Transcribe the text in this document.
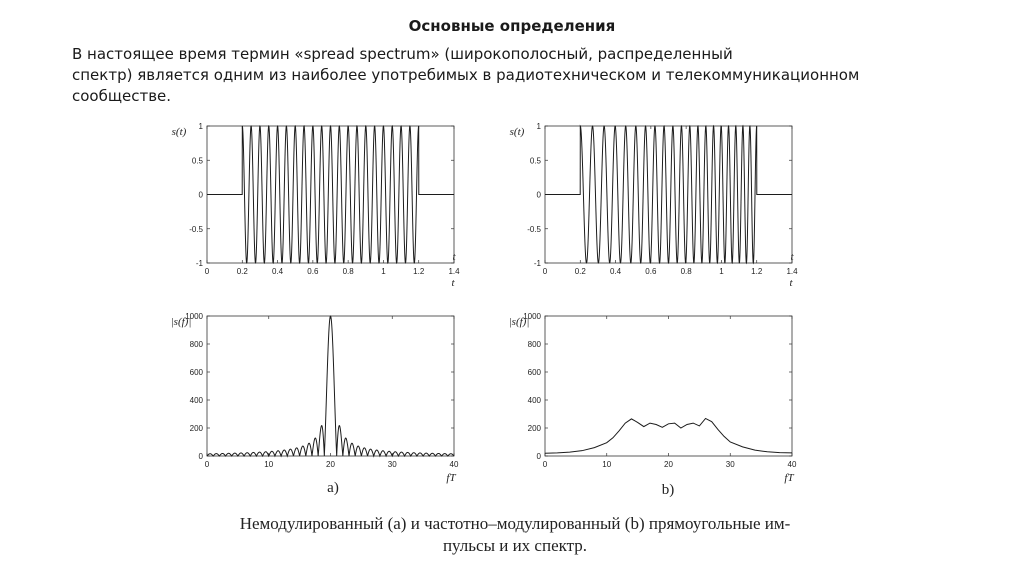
Основные определения
В настоящее время термин «spread spectrum» (широкополосный, распределенный
спектр) является одним из наиболее употребимых в радиотехническом и телекоммуникационном
сообществе.
0	0.2	0.4	0.6	0.8	1	1.2	1.4
-1
-0.5
0
0.5
1
s(t)
t
t
0	0.2	0.4	0.6	0.8	1	1.2	1.4
-1
-0.5
0
0.5
1
s(t)
t
t
0	10	20	30	40
0
200
400
600
800
1000
|s(f)|
fT
0	10	20	30	40
0
200
400
600
800
1000
|s(f)|
fT
a)	b)
Немодулированный (a) и частотно–модулированный (b) прямоугольные им-
пульсы и их спектр.
